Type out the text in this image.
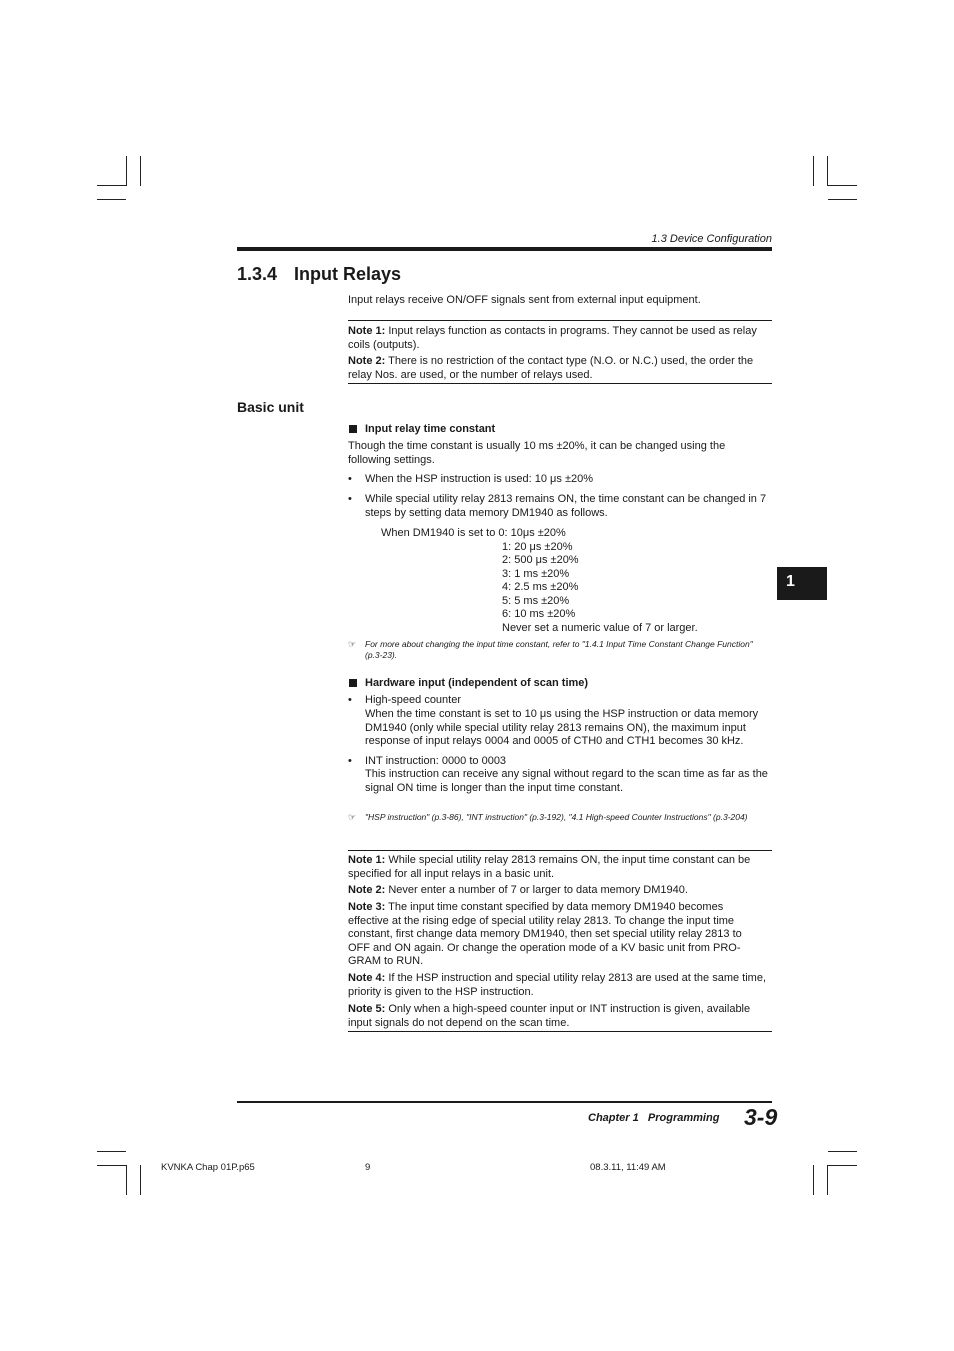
1.3 Device Configuration
1.3.4 Input Relays
Input relays receive ON/OFF signals sent from external input equipment.
Note 1: Input relays function as contacts in programs. They cannot be used as relay coils (outputs).
Note 2: There is no restriction of the contact type (N.O. or N.C.) used, the order the relay Nos. are used, or the number of relays used.
Basic unit
Input relay time constant
Though the time constant is usually 10 ms ±20%, it can be changed using the following settings.
• When the HSP instruction is used: 10 μs ±20%
• While special utility relay 2813 remains ON, the time constant can be changed in 7 steps by setting data memory DM1940 as follows.
When DM1940 is set to 0: 10μs ±20%
1: 20 μs ±20%
2: 500 μs ±20%
3: 1 ms ±20%
4: 2.5 ms ±20%
5: 5 ms ±20%
6: 10 ms ±20%
Never set a numeric value of 7 or larger.
☞ For more about changing the input time constant, refer to "1.4.1 Input Time Constant Change Function" (p.3-23).
Hardware input (independent of scan time)
• High-speed counter
When the time constant is set to 10 μs using the HSP instruction or data memory DM1940 (only while special utility relay 2813 remains ON), the maximum input response of input relays 0004 and 0005 of CTH0 and CTH1 becomes 30 kHz.
• INT instruction: 0000 to 0003
This instruction can receive any signal without regard to the scan time as far as the signal ON time is longer than the input time constant.
☞ "HSP instruction" (p.3-86), "INT instruction" (p.3-192), "4.1 High-speed Counter Instructions" (p.3-204)
Note 1: While special utility relay 2813 remains ON, the input time constant can be specified for all input relays in a basic unit.
Note 2: Never enter a number of 7 or larger to data memory DM1940.
Note 3: The input time constant specified by data memory DM1940 becomes effective at the rising edge of special utility relay 2813. To change the input time constant, first change data memory DM1940, then set special utility relay 2813 to OFF and ON again. Or change the operation mode of a KV basic unit from PRO-GRAM to RUN.
Note 4: If the HSP instruction and special utility relay 2813 are used at the same time, priority is given to the HSP instruction.
Note 5: Only when a high-speed counter input or INT instruction is given, available input signals do not depend on the scan time.
1
Chapter 1   Programming 3-9
KVNKA Chap 01P.p65	9	08.3.11, 11:49 AM
